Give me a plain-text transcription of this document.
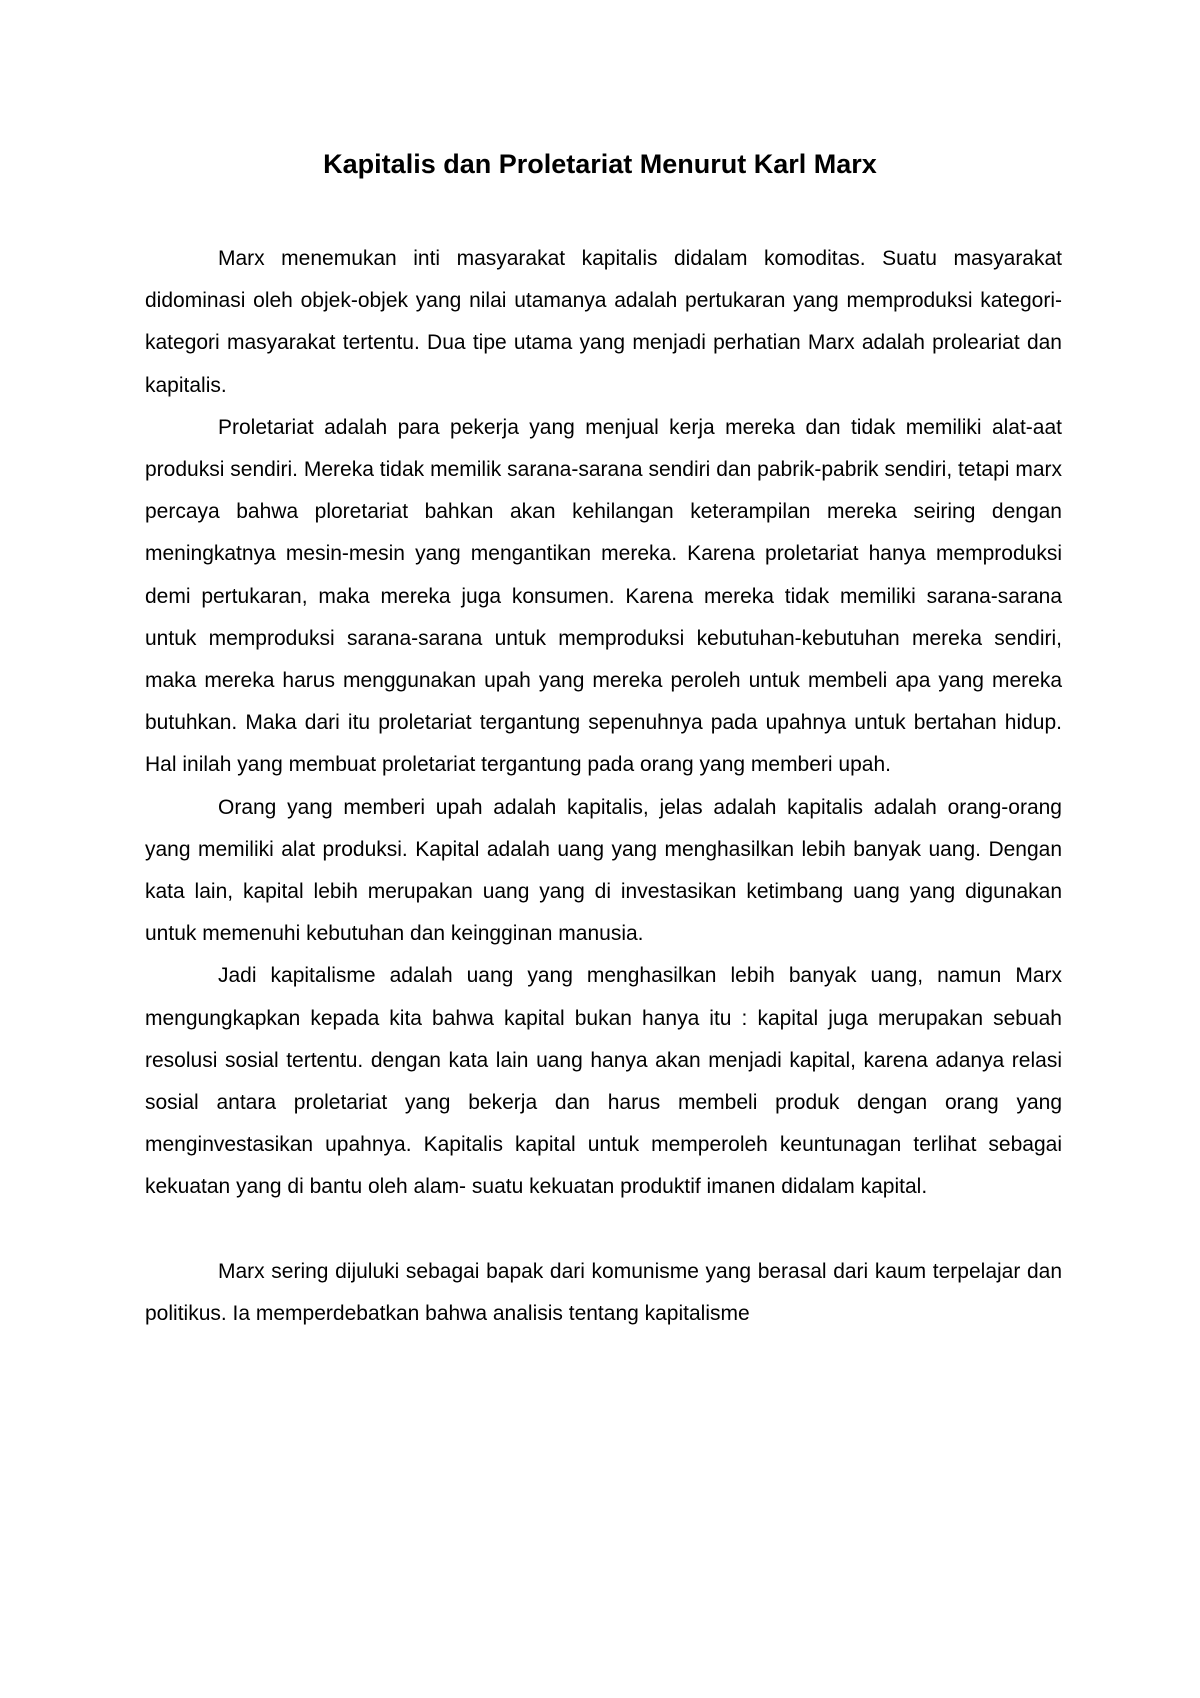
Kapitalis dan Proletariat Menurut Karl Marx

Marx menemukan inti masyarakat kapitalis didalam komoditas. Suatu masyarakat didominasi oleh objek-objek yang nilai utamanya adalah pertukaran yang memproduksi kategori-kategori masyarakat tertentu. Dua tipe utama yang menjadi perhatian Marx adalah proleariat dan kapitalis.

Proletariat adalah para pekerja yang menjual kerja mereka dan tidak memiliki alat-aat produksi sendiri. Mereka tidak memilik sarana-sarana sendiri dan pabrik-pabrik sendiri, tetapi marx percaya bahwa ploretariat bahkan akan kehilangan keterampilan mereka seiring dengan meningkatnya mesin-mesin yang mengantikan mereka. Karena proletariat hanya memproduksi demi pertukaran, maka mereka juga konsumen. Karena mereka tidak memiliki sarana-sarana untuk memproduksi sarana-sarana untuk memproduksi kebutuhan-kebutuhan mereka sendiri, maka mereka harus menggunakan upah yang mereka peroleh untuk membeli apa yang mereka butuhkan. Maka dari itu proletariat tergantung sepenuhnya pada upahnya untuk bertahan hidup. Hal inilah yang membuat proletariat tergantung pada orang yang memberi upah.

Orang yang memberi upah adalah kapitalis, jelas adalah kapitalis adalah orang-orang yang memiliki alat produksi. Kapital adalah uang yang menghasilkan lebih banyak uang. Dengan kata lain, kapital lebih merupakan uang yang di investasikan ketimbang uang yang digunakan untuk memenuhi kebutuhan dan keingginan manusia.

Jadi kapitalisme adalah uang yang menghasilkan lebih banyak uang, namun Marx mengungkapkan kepada kita bahwa kapital bukan hanya itu : kapital juga merupakan sebuah resolusi sosial tertentu. dengan kata lain uang hanya akan menjadi kapital, karena adanya relasi sosial antara proletariat yang bekerja dan harus membeli produk dengan orang yang menginvestasikan upahnya. Kapitalis kapital untuk memperoleh keuntunagan terlihat sebagai kekuatan yang di bantu oleh alam- suatu kekuatan produktif imanen didalam kapital.

Marx sering dijuluki sebagai bapak dari komunisme yang berasal dari kaum terpelajar dan politikus. Ia memperdebatkan bahwa analisis tentang kapitalisme
